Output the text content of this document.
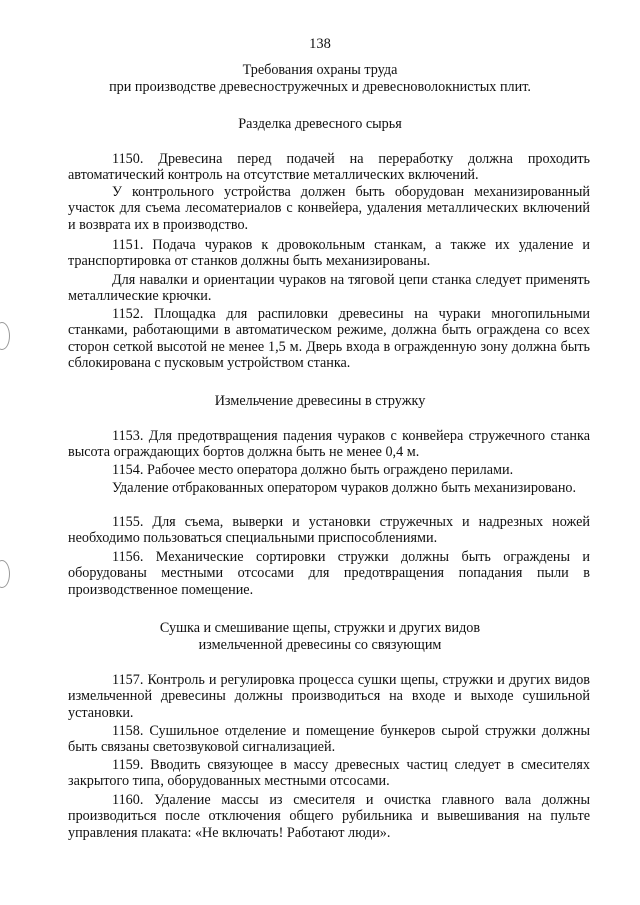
138
Требования охраны труда
при производстве древесностружечных и древесноволокнистых плит.
Разделка древесного сырья

1150. Древесина перед подачей на переработку должна проходить автоматический контроль на отсутствие металлических включений.

У контрольного устройства должен быть оборудован механизированный участок для съема лесоматериалов с конвейера, удаления металлических включений и возврата их в производство.

1151. Подача чураков к дровокольным станкам, а также их удаление и транспортировка от станков должны быть механизированы.

Для навалки и ориентации чураков на тяговой цепи станка следует применять металлические крючки.

1152. Площадка для распиловки древесины на чураки многопильными станками, работающими в автоматическом режиме, должна быть ограждена со всех сторон сеткой высотой не менее 1,5 м. Дверь входа в огражденную зону должна быть сблокирована с пусковым устройством станка.

Измельчение древесины в стружку

1153. Для предотвращения падения чураков с конвейера стружечного станка высота ограждающих бортов должна быть не менее 0,4 м.

1154. Рабочее место оператора должно быть ограждено перилами.

Удаление отбракованных оператором чураков должно быть механизировано.

1155. Для съема, выверки и установки стружечных и надрезных ножей необходимо пользоваться специальными приспособлениями.

1156. Механические сортировки стружки должны быть ограждены и оборудованы местными отсосами для предотвращения попадания пыли в производственное помещение.

Сушка и смешивание щепы, стружки и других видов
измельченной древесины со связующим

1157. Контроль и регулировка процесса сушки щепы, стружки и других видов измельченной древесины должны производиться на входе и выходе сушильной установки.

1158. Сушильное отделение и помещение бункеров сырой стружки должны быть связаны светозвуковой сигнализацией.

1159. Вводить связующее в массу древесных частиц следует в смесителях закрытого типа, оборудованных местными отсосами.

1160. Удаление массы из смесителя и очистка главного вала должны производиться после отключения общего рубильника и вывешивания на пульте управления плаката: «Не включать! Работают люди».
